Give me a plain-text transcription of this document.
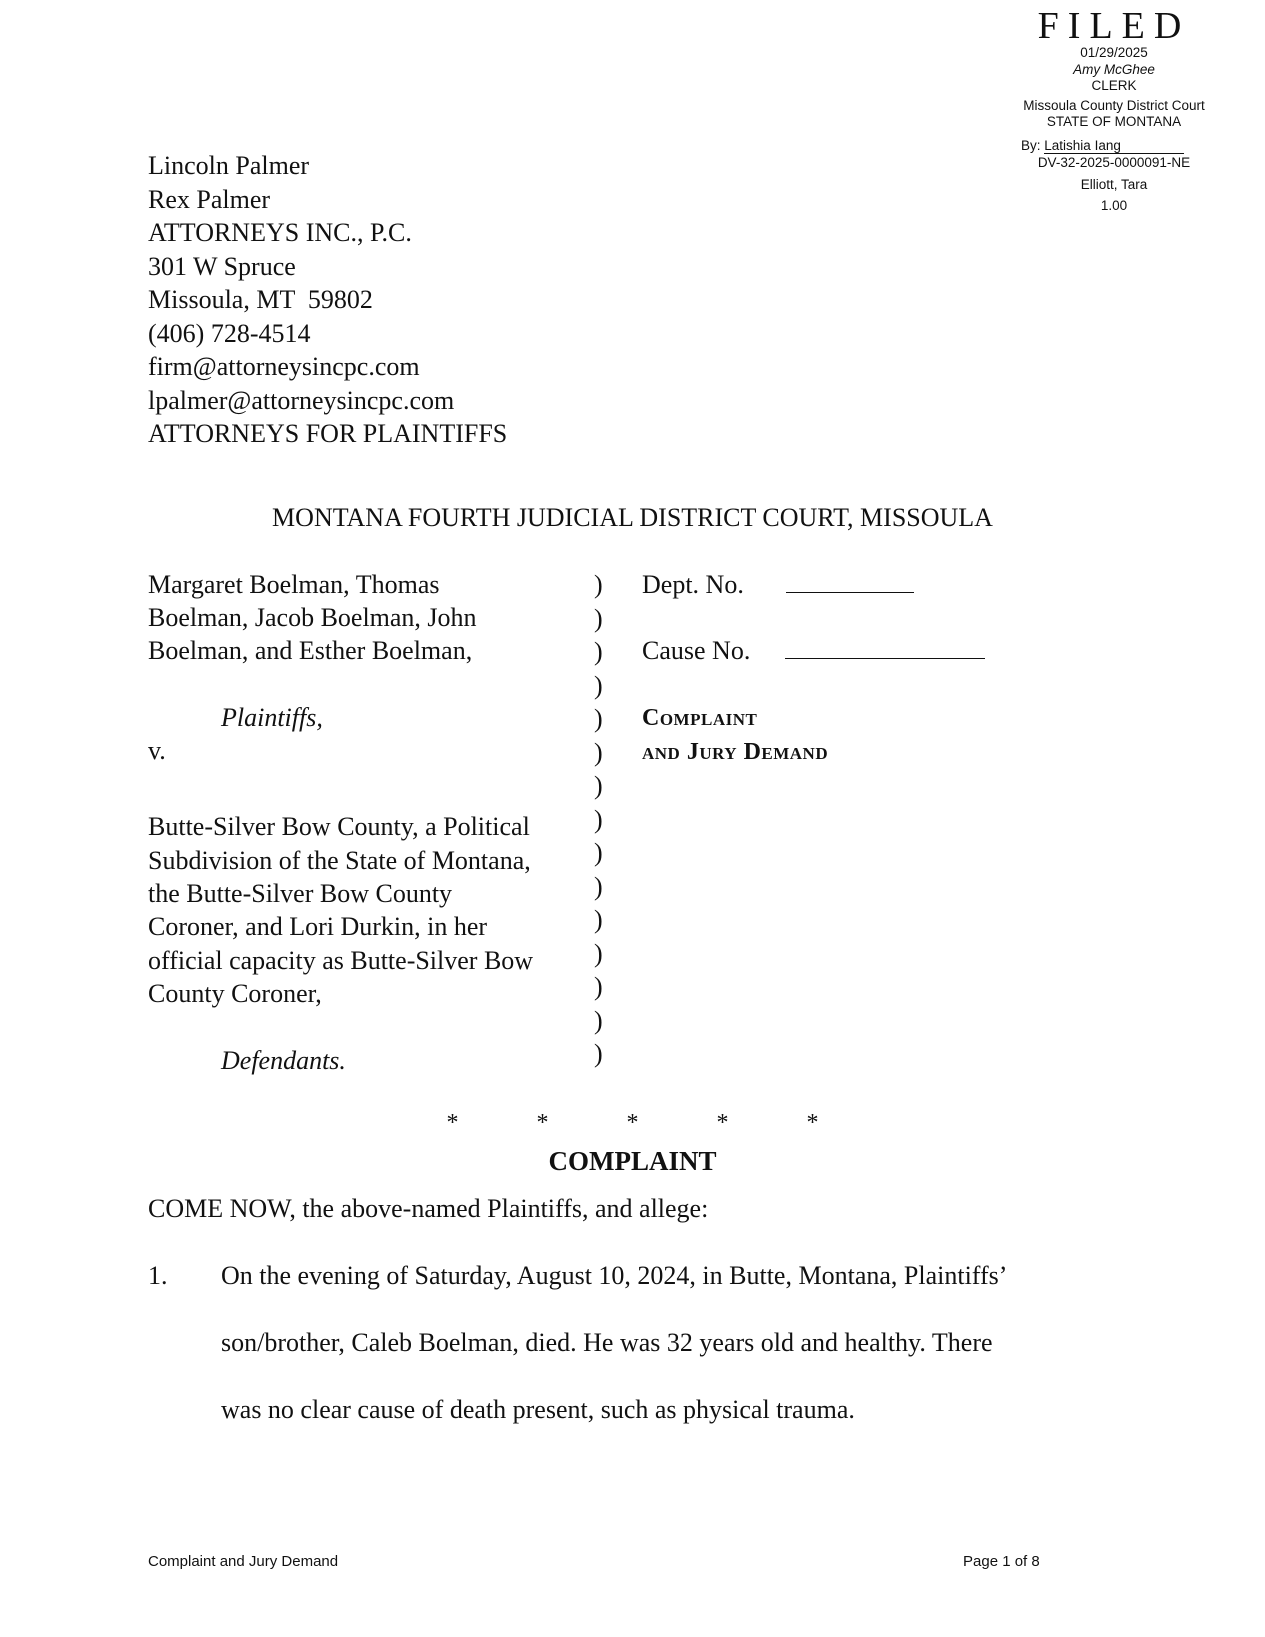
FILED
01/29/2025
Amy McGhee
CLERK
Missoula County District Court
STATE OF MONTANA
By: Latishia Iang
DV-32-2025-0000091-NE
Elliott, Tara
1.00
Lincoln Palmer
Rex Palmer
ATTORNEYS INC., P.C.
301 W Spruce
Missoula, MT  59802
(406) 728-4514
firm@attorneysincpc.com
lpalmer@attorneysincpc.com
ATTORNEYS FOR PLAINTIFFS
MONTANA FOURTH JUDICIAL DISTRICT COURT, MISSOULA
Margaret Boelman, Thomas
Boelman, Jacob Boelman, John
Boelman, and Esther Boelman,
Plaintiffs,
v.
Butte-Silver Bow County, a Political
Subdivision of the State of Montana,
the Butte-Silver Bow County
Coroner, and Lori Durkin, in her
official capacity as Butte-Silver Bow
County Coroner,
Defendants.
)
)
)
)
)
)
)
)
)
)
)
)
)
)
)
Dept. No.
Cause No.
Complaint
and Jury Demand
* * * * *
COMPLAINT
COME NOW, the above-named Plaintiffs, and allege:
1. On the evening of Saturday, August 10, 2024, in Butte, Montana, Plaintiffs’
son/brother, Caleb Boelman, died. He was 32 years old and healthy. There
was no clear cause of death present, such as physical trauma.
Complaint and Jury Demand	Page 1 of 8
